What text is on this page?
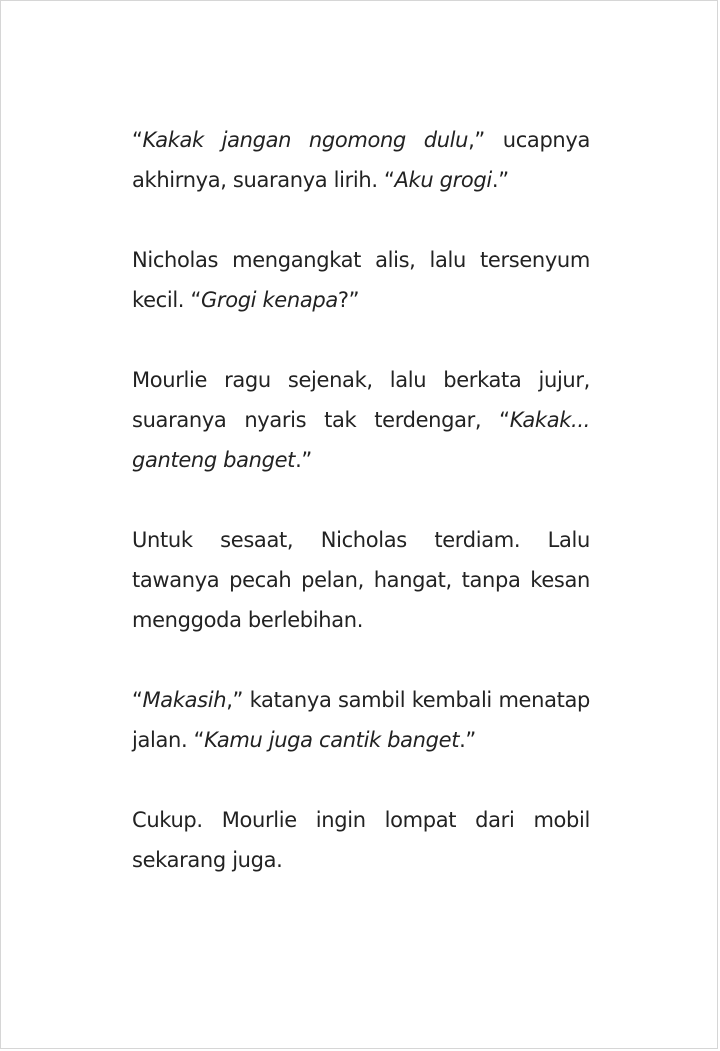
“Kakak jangan ngomong dulu,” ucapnya akhirnya, suaranya lirih. “Aku grogi.”

Nicholas mengangkat alis, lalu tersenyum kecil. “Grogi kenapa?”

Mourlie ragu sejenak, lalu berkata jujur, suaranya nyaris tak terdengar, “Kakak... ganteng banget.”

Untuk sesaat, Nicholas terdiam. Lalu tawanya pecah pelan, hangat, tanpa kesan menggoda berlebihan.

“Makasih,” katanya sambil kembali menatap jalan. “Kamu juga cantik banget.”

Cukup. Mourlie ingin lompat dari mobil sekarang juga.
